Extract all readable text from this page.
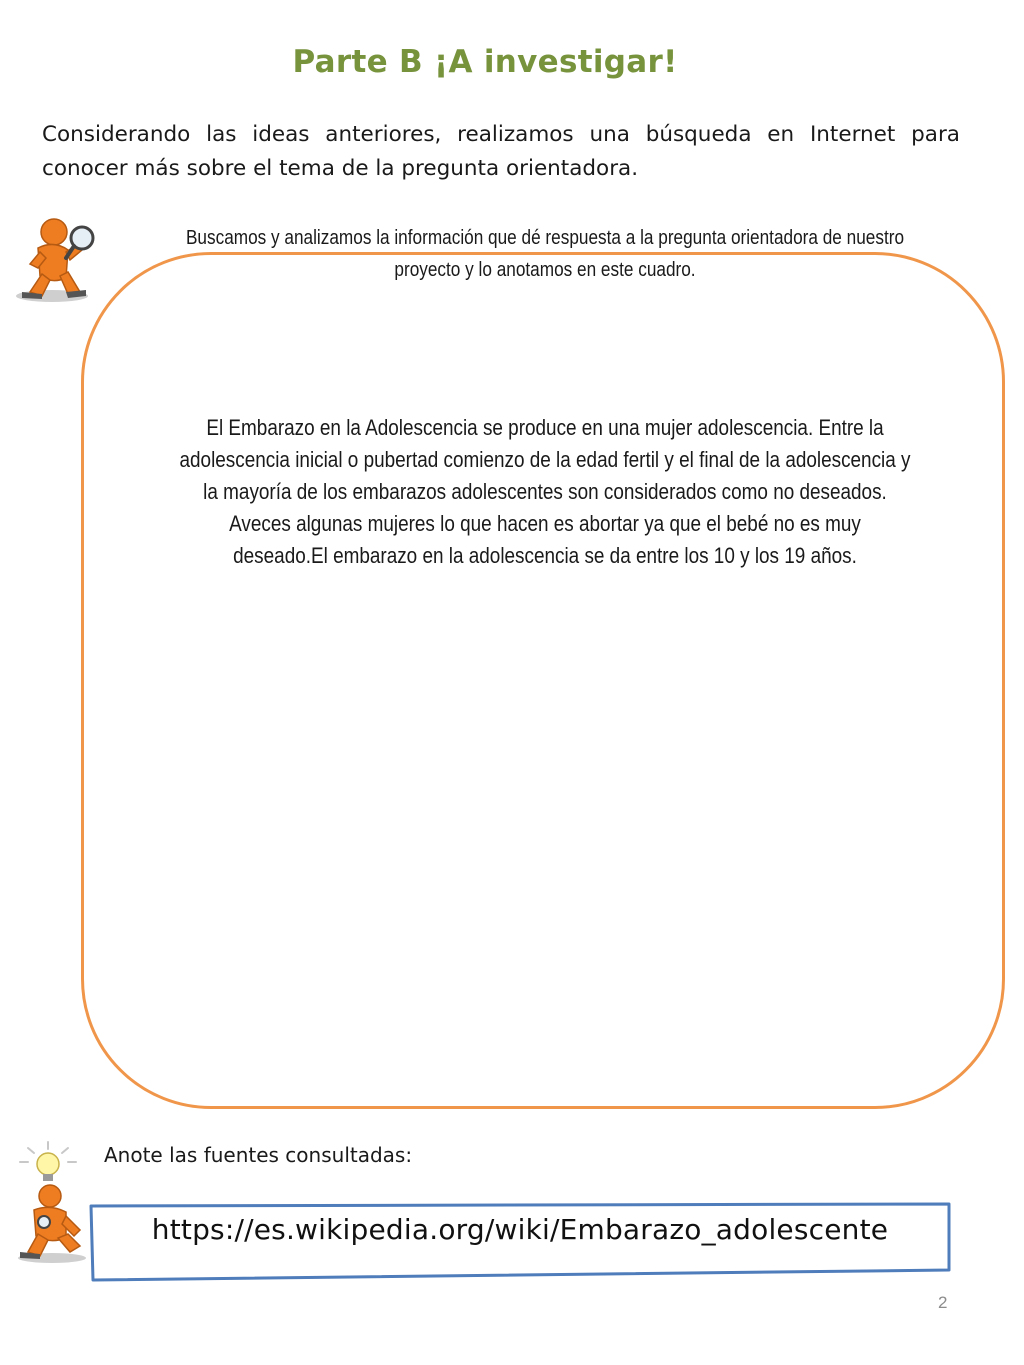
Parte B ¡A investigar!
Considerando las ideas anteriores, realizamos una búsqueda en Internet para conocer más sobre el tema de la pregunta orientadora.
Buscamos y analizamos la información que dé respuesta a la pregunta orientadora de nuestro proyecto y lo anotamos en este cuadro.
El Embarazo en la Adolescencia se produce en una mujer adolescencia. Entre la adolescencia inicial o pubertad comienzo de la edad fertil y el final de la adolescencia y la mayoría de los embarazos adolescentes son considerados como no deseados. Aveces algunas mujeres lo que hacen es abortar ya que el bebé no es muy deseado.El embarazo en la adolescencia se da entre los 10 y los 19 años.
Anote las fuentes consultadas:
https://es.wikipedia.org/wiki/Embarazo_adolescente
2
